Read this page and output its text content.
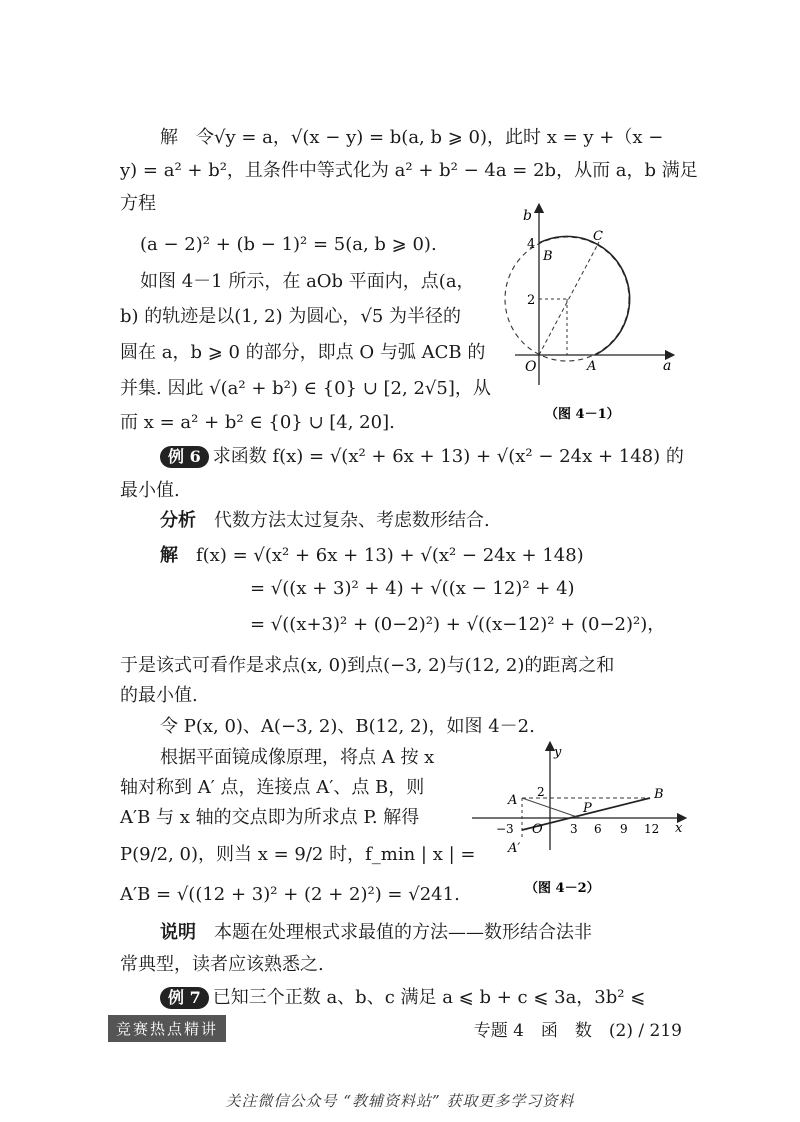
解　令√y = a，√(x − y) = b(a, b ⩾ 0)，此时 x = y +（x −
y) = a² + b²，且条件中等式化为 a² + b² − 4a = 2b，从而 a，b 满足
方程
(a − 2)² + (b − 1)² = 5(a, b ⩾ 0).
如图 4－1 所示，在 aOb 平面内，点(a，
b) 的轨迹是以(1, 2) 为圆心，√5 为半径的
圆在 a，b ⩾ 0 的部分，即点 O 与弧 ACB 的
并集. 因此 √(a² + b²) ∈ {0} ∪ [2, 2√5]，从
而 x = a² + b² ∈ {0} ∪ [4, 20].
b
a
O
4
2
B
C
A
（图 4－1）
例 6 求函数 f(x) = √(x² + 6x + 13) + √(x² − 24x + 148) 的
最小值.
分析　 代数方法太过复杂、考虑数形结合.
解　 f(x) = √(x² + 6x + 13) + √(x² − 24x + 148)
= √((x + 3)² + 4) + √((x − 12)² + 4)
= √((x+3)² + (0−2)²) + √((x−12)² + (0−2)²)，
于是该式可看作是求点(x, 0)到点(−3, 2)与(12, 2)的距离之和
的最小值.
令 P(x, 0)、A(−3, 2)、B(12, 2)，如图 4－2.
根据平面镜成像原理，将点 A 按 x
轴对称到 A′ 点，连接点 A′、点 B，则
A′B 与 x 轴的交点即为所求点 P. 解得
P(9/2, 0)，则当 x = 9/2 时，f_min | x | =
A′B = √((12 + 3)² + (2 + 2)²) = √241.
y
x
2
A	B
P
O
−3	3 6 9 12
A′
（图 4－2）
说明　 本题在处理根式求最值的方法——数形结合法非
常典型，读者应该熟悉之.
例 7 已知三个正数 a、b、c 满足 a ⩽ b + c ⩽ 3a，3b² ⩽
竞赛热点精讲	专题 4　函　数　(2) / 219
关注微信公众号 “教辅资料站” 获取更多学习资料
